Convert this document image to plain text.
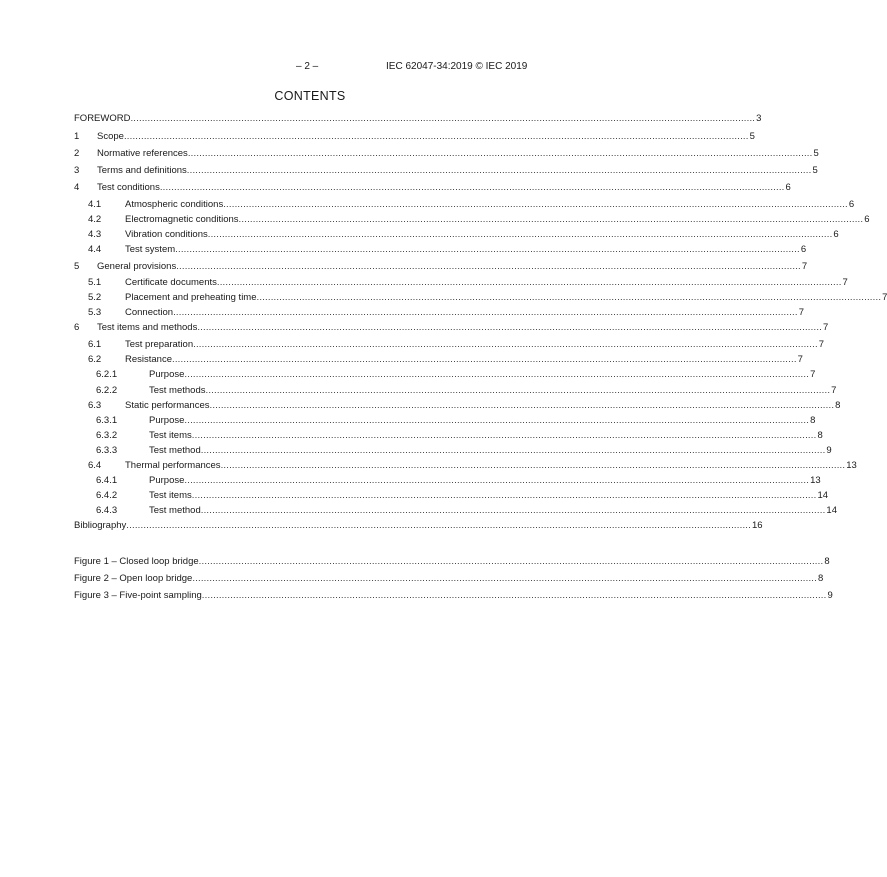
– 2 –	IEC 62047-34:2019 © IEC 2019
CONTENTS
FOREWORD ............................................................................................................................................................................................................................ 3
1 Scope ............................................................................................................................................................................................................................ 5
2 Normative references ............................................................................................................................................................................................................................ 5
3 Terms and definitions ............................................................................................................................................................................................................................ 5
4 Test conditions ............................................................................................................................................................................................................................ 6
4.1	Atmospheric conditions ............................................................................................................................................................................................................................ 6
4.2	Electromagnetic conditions ............................................................................................................................................................................................................................ 6
4.3	Vibration conditions ............................................................................................................................................................................................................................ 6
4.4	Test system ............................................................................................................................................................................................................................ 6
5 General provisions ............................................................................................................................................................................................................................ 7
5.1	Certificate documents ............................................................................................................................................................................................................................ 7
5.2	Placement and preheating time ............................................................................................................................................................................................................................ 7
5.3	Connection ............................................................................................................................................................................................................................ 7
6 Test items and methods ............................................................................................................................................................................................................................ 7
6.1	Test preparation ............................................................................................................................................................................................................................ 7
6.2	Resistance ............................................................................................................................................................................................................................ 7
6.2.1	Purpose ............................................................................................................................................................................................................................ 7
6.2.2	Test methods ............................................................................................................................................................................................................................ 7
6.3	Static performances ............................................................................................................................................................................................................................ 8
6.3.1	Purpose ............................................................................................................................................................................................................................ 8
6.3.2	Test items ............................................................................................................................................................................................................................ 8
6.3.3	Test method ............................................................................................................................................................................................................................ 9
6.4	Thermal performances ............................................................................................................................................................................................................................ 13
6.4.1	Purpose ............................................................................................................................................................................................................................ 13
6.4.2	Test items ............................................................................................................................................................................................................................ 14
6.4.3	Test method ............................................................................................................................................................................................................................ 14
Bibliography ............................................................................................................................................................................................................................ 16
Figure 1 – Closed loop bridge ............................................................................................................................................................................................................................ 8
Figure 2 – Open loop bridge ............................................................................................................................................................................................................................ 8
Figure 3 – Five-point sampling ............................................................................................................................................................................................................................ 9
